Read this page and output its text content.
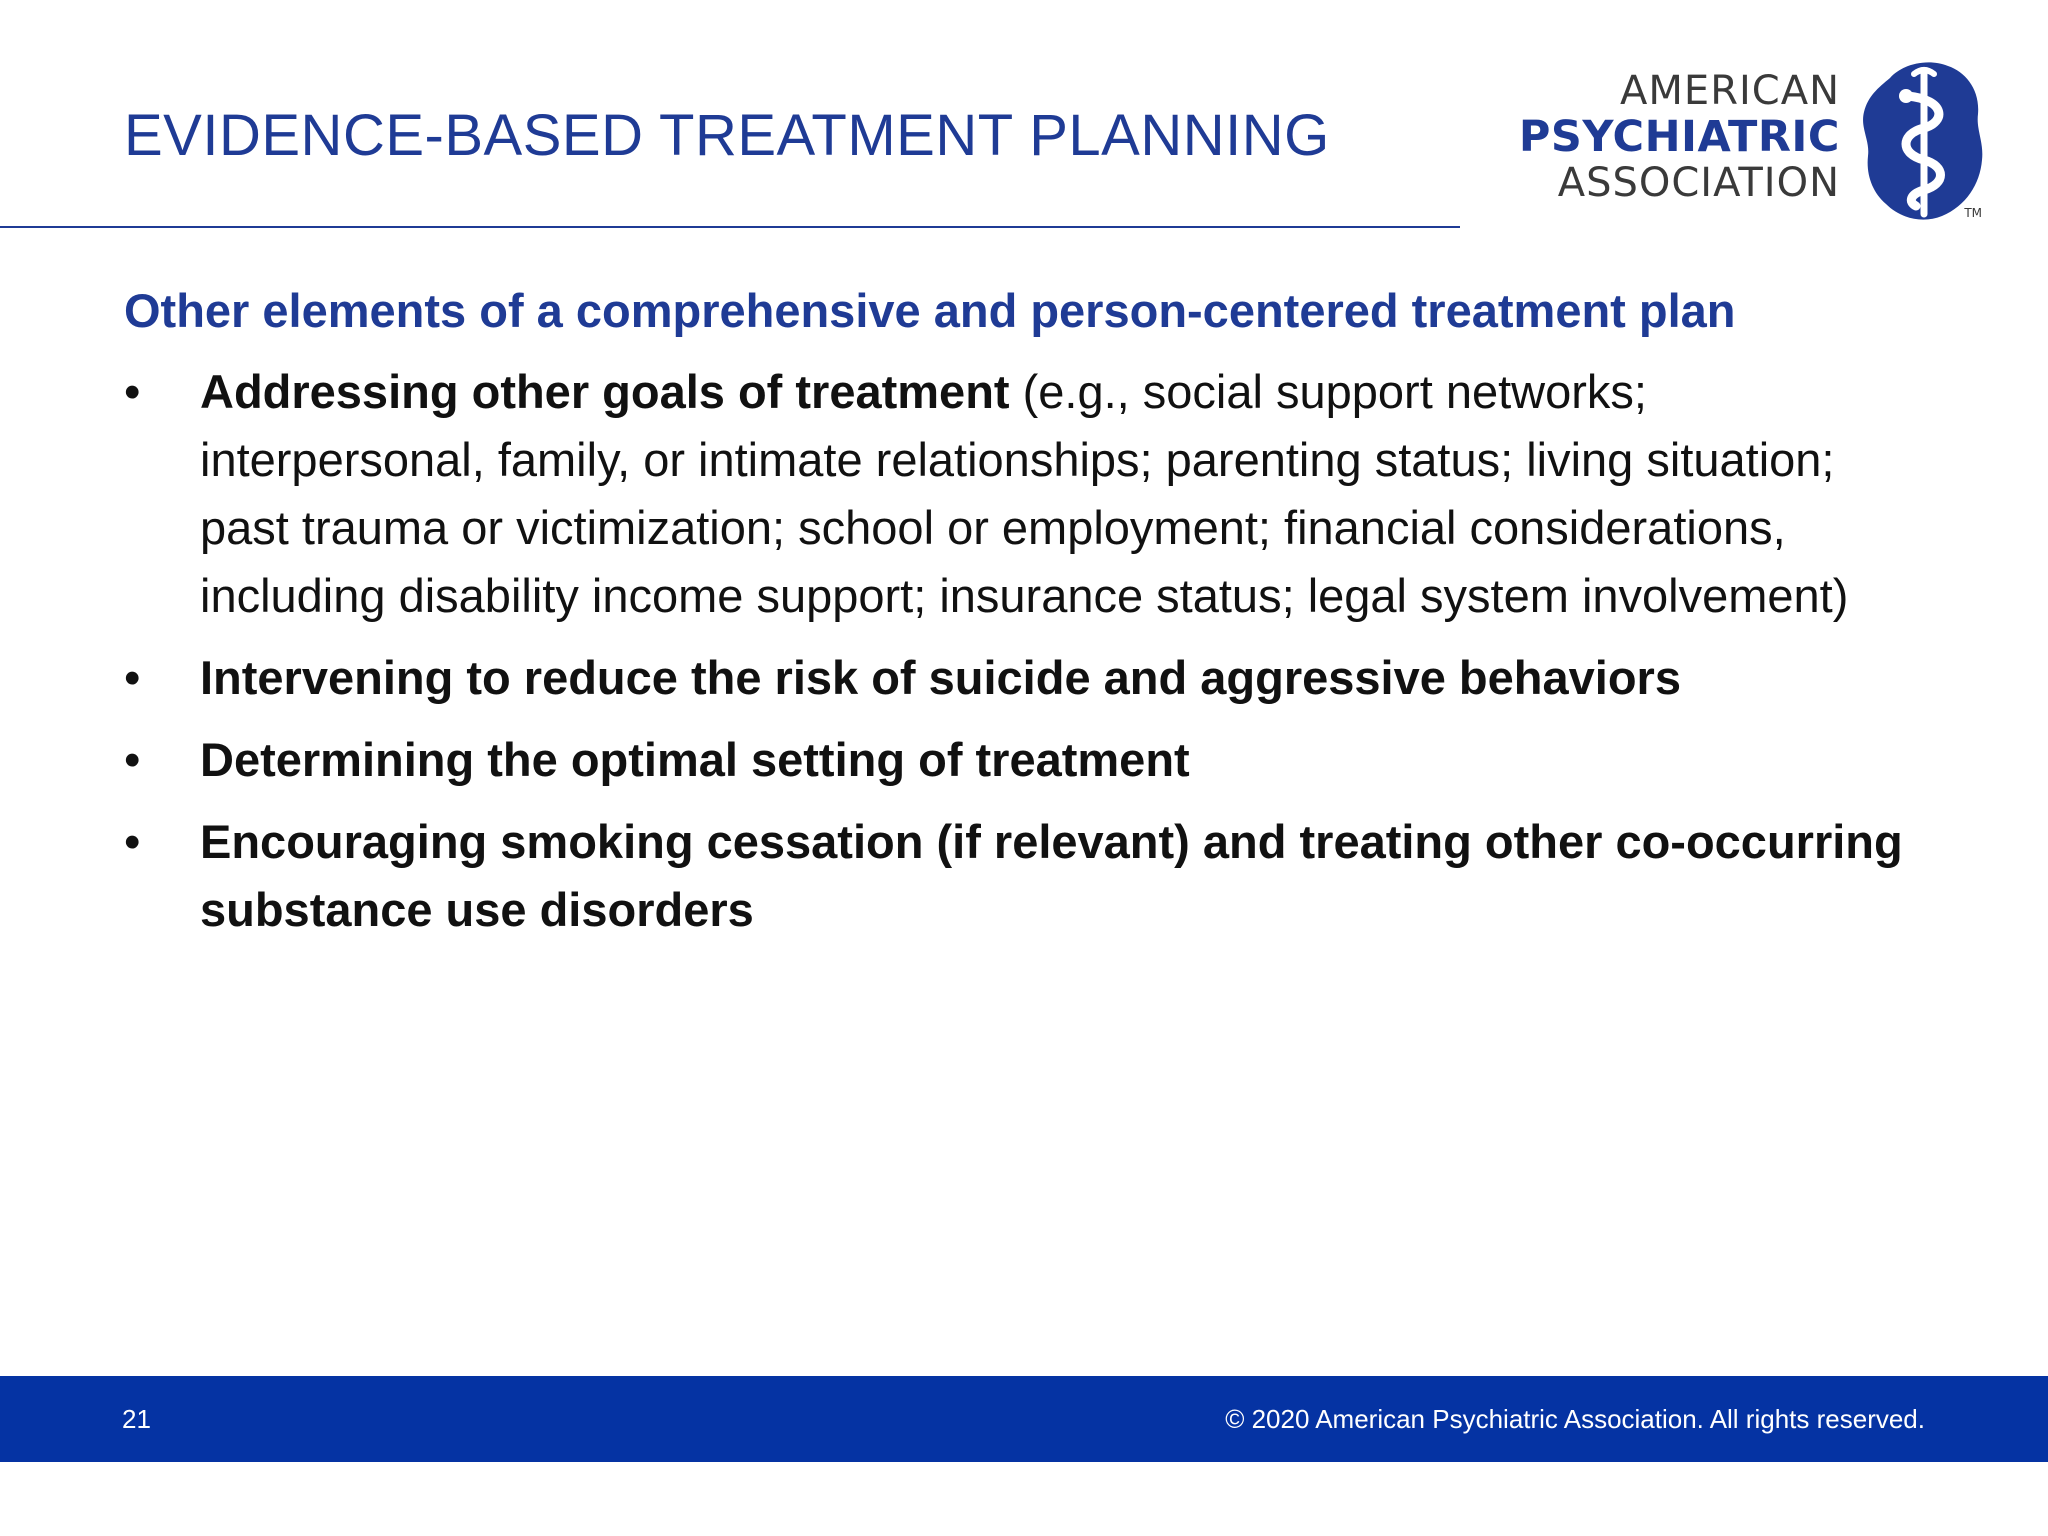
EVIDENCE-BASED TREATMENT PLANNING
AMERICAN
PSYCHIATRIC
ASSOCIATION
TM
Other elements of a comprehensive and person-centered treatment plan
•	Addressing other goals of treatment (e.g., social support networks; interpersonal, family, or intimate relationships; parenting status; living situation; past trauma or victimization; school or employment; financial considerations, including disability income support; insurance status; legal system involvement)
•	Intervening to reduce the risk of suicide and aggressive behaviors
•	Determining the optimal setting of treatment
•	Encouraging smoking cessation (if relevant) and treating other co-occurring substance use disorders
21	© 2020 American Psychiatric Association. All rights reserved.
